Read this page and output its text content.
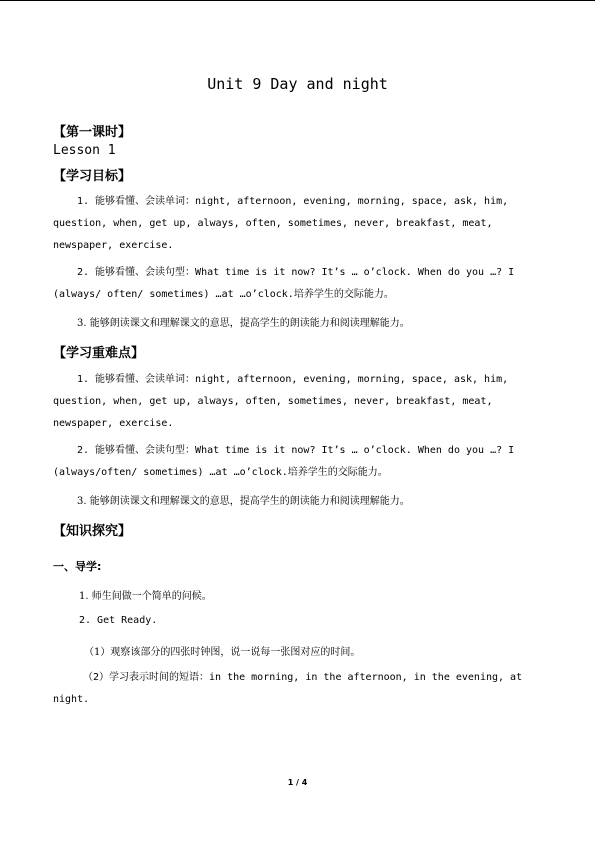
Unit 9 Day and night
【第一课时】
Lesson 1
【学习目标】
1. 能够看懂、会读单词：night, afternoon, evening, morning, space, ask, him, question, when, get up, always, often, sometimes, never, breakfast, meat, newspaper, exercise.
2. 能够看懂、会读句型：What time is it now? It’s … o’clock. When do you …? I (always/ often/ sometimes) …at …o’clock.培养学生的交际能力。
3. 能够朗读课文和理解课文的意思，提高学生的朗读能力和阅读理解能力。
【学习重难点】
1. 能够看懂、会读单词：night, afternoon, evening, morning, space, ask, him, question, when, get up, always, often, sometimes, never, breakfast, meat, newspaper, exercise.
2. 能够看懂、会读句型：What time is it now? It’s … o’clock. When do you …? I (always/often/ sometimes) …at …o’clock.培养学生的交际能力。
3. 能够朗读课文和理解课文的意思，提高学生的朗读能力和阅读理解能力。
【知识探究】
一、导学:
1. 师生间做一个简单的问候。
2. Get Ready.
（1）观察该部分的四张时钟图，说一说每一张图对应的时间。
（2）学习表示时间的短语：in the morning, in the afternoon, in the evening, at night.
1 / 4
